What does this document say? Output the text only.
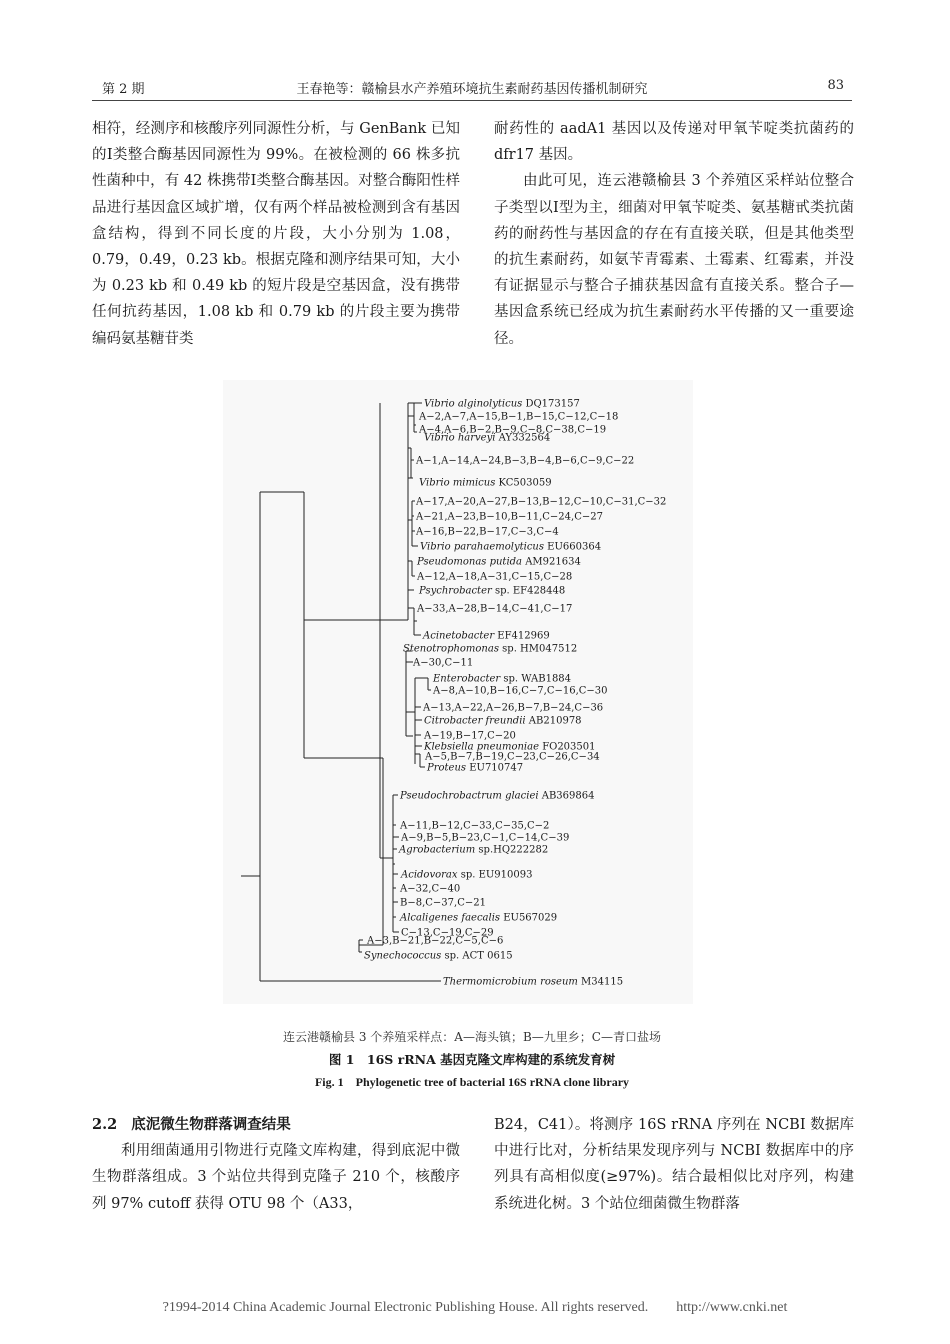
第 2 期	王春艳等：赣榆县水产养殖环境抗生素耐药基因传播机制研究	83

相符，经测序和核酸序列同源性分析，与 GenBank 已知的Ⅰ类整合酶基因同源性为 99%。在被检测的 66 株多抗性菌种中，有 42 株携带Ⅰ类整合酶基因。对整合酶阳性样品进行基因盒区域扩增，仅有两个样品被检测到含有基因盒结构，得到不同长度的片段，大小分别为 1.08，0.79，0.49，0.23 kb。根据克隆和测序结果可知，大小为 0.23 kb 和 0.49 kb 的短片段是空基因盒，没有携带任何抗药基因，1.08 kb 和 0.79 kb 的片段主要为携带编码氨基糖苷类

耐药性的 aadA1 基因以及传递对甲氧苄啶类抗菌药的 dfr17 基因。

由此可见，连云港赣榆县 3 个养殖区采样站位整合子类型以Ⅰ型为主，细菌对甲氧苄啶类、氨基糖甙类抗菌药的耐药性与基因盒的存在有直接关联，但是其他类型的抗生素耐药，如氨苄青霉素、土霉素、红霉素，并没有证据显示与整合子捕获基因盒有直接关系。整合子—基因盒系统已经成为抗生素耐药水平传播的又一重要途径。

Vibrio alginolyticus DQ173157
A−2,A−7,A−15,B−1,B−15,C−12,C−18
A−4,A−6,B−2,B−9,C−8,C−38,C−19
Vibrio harveyi AY332564
A−1,A−14,A−24,B−3,B−4,B−6,C−9,C−22
Vibrio mimicus KC503059
A−17,A−20,A−27,B−13,B−12,C−10,C−31,C−32
A−21,A−23,B−10,B−11,C−24,C−27
A−16,B−22,B−17,C−3,C−4
Vibrio parahaemolyticus EU660364
Pseudomonas putida AM921634
A−12,A−18,A−31,C−15,C−28
Psychrobacter sp. EF428448
A−33,A−28,B−14,C−41,C−17
Acinetobacter EF412969
Stenotrophomonas sp. HM047512
A−30,C−11
Enterobacter sp. WAB1884
A−8,A−10,B−16,C−7,C−16,C−30
A−13,A−22,A−26,B−7,B−24,C−36
Citrobacter freundii AB210978
A−19,B−17,C−20
Klebsiella pneumoniae FO203501
A−5,B−7,B−19,C−23,C−26,C−34
Proteus EU710747
Pseudochrobactrum glaciei AB369864
A−11,B−12,C−33,C−35,C−2
A−9,B−5,B−23,C−1,C−14,C−39
Agrobacterium sp.HQ222282
Acidovorax sp. EU910093
A−32,C−40
B−8,C−37,C−21
Alcaligenes faecalis EU567029
C−13,C−19,C−29
A−3,B−21,B−22,C−5,C−6
Synechococcus sp. ACT 0615
Thermomicrobium roseum M34115
连云港赣榆县 3 个养殖采样点：A—海头镇；B—九里乡；C—青口盐场
图 1　16S rRNA 基因克隆文库构建的系统发育树
Fig. 1　Phylogenetic tree of bacterial 16S rRNA clone library

2.2 底泥微生物群落调查结果

利用细菌通用引物进行克隆文库构建，得到底泥中微生物群落组成。3 个站位共得到克隆子 210 个，核酸序列 97% cutoff 获得 OTU 98 个（A33，

B24，C41）。将测序 16S rRNA 序列在 NCBI 数据库中进行比对，分析结果发现序列与 NCBI 数据库中的序列具有高相似度(≥97%)。结合最相似比对序列，构建系统进化树。3 个站位细菌微生物群落

?1994-2014 China Academic Journal Electronic Publishing House. All rights reserved.　　http://www.cnki.net
